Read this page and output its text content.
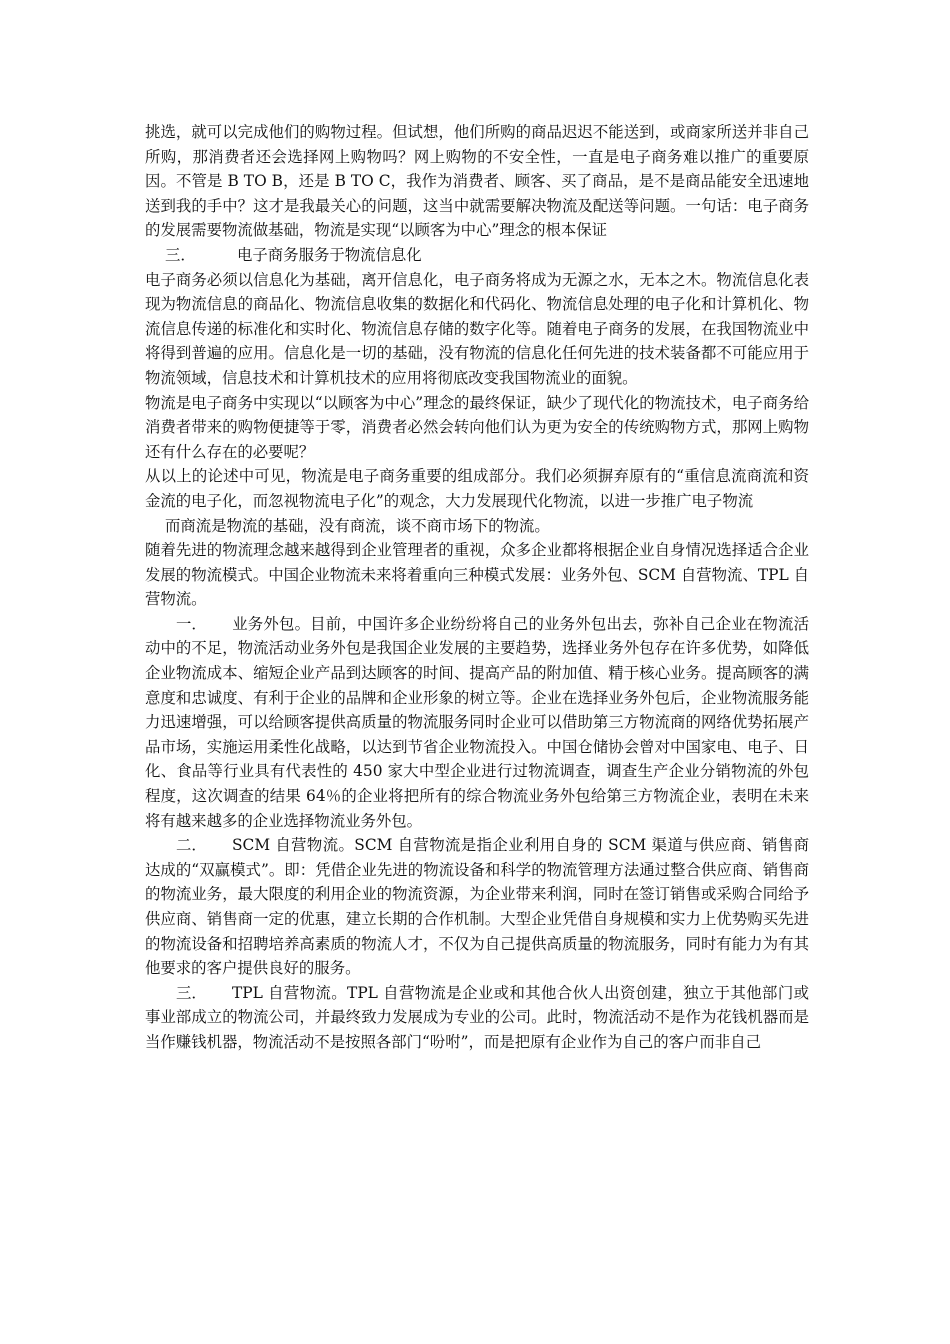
挑选，就可以完成他们的购物过程。但试想，他们所购的商品迟迟不能送到，或商家所送并非自己所购，那消费者还会选择网上购物吗？网上购物的不安全性，一直是电子商务难以推广的重要原因。不管是 B TO B，还是 B TO C，我作为消费者、顾客、买了商品，是不是商品能安全迅速地送到我的手中？这才是我最关心的问题，这当中就需要解决物流及配送等问题。一句话：电子商务的发展需要物流做基础，物流是实现“以顾客为中心”理念的根本保证

三．	电子商务服务于物流信息化

电子商务必须以信息化为基础，离开信息化，电子商务将成为无源之水，无本之木。物流信息化表现为物流信息的商品化、物流信息收集的数据化和代码化、物流信息处理的电子化和计算机化、物流信息传递的标准化和实时化、物流信息存储的数字化等。随着电子商务的发展，在我国物流业中将得到普遍的应用。信息化是一切的基础，没有物流的信息化任何先进的技术装备都不可能应用于物流领域，信息技术和计算机技术的应用将彻底改变我国物流业的面貌。

物流是电子商务中实现以“以顾客为中心”理念的最终保证，缺少了现代化的物流技术，电子商务给消费者带来的购物便捷等于零，消费者必然会转向他们认为更为安全的传统购物方式，那网上购物还有什么存在的必要呢？

从以上的论述中可见，物流是电子商务重要的组成部分。我们必须摒弃原有的“重信息流商流和资金流的电子化，而忽视物流电子化”的观念，大力发展现代化物流，以进一步推广电子物流

而商流是物流的基础，没有商流，谈不商市场下的物流。

随着先进的物流理念越来越得到企业管理者的重视，众多企业都将根据企业自身情况选择适合企业发展的物流模式。中国企业物流未来将着重向三种模式发展：业务外包、SCM 自营物流、TPL 自营物流。

一． 业务外包。目前，中国许多企业纷纷将自己的业务外包出去，弥补自己企业在物流活动中的不足，物流活动业务外包是我国企业发展的主要趋势，选择业务外包存在许多优势，如降低企业物流成本、缩短企业产品到达顾客的时间、提高产品的附加值、精于核心业务。提高顾客的满意度和忠诚度、有利于企业的品牌和企业形象的树立等。企业在选择业务外包后，企业物流服务能力迅速增强，可以给顾客提供高质量的物流服务同时企业可以借助第三方物流商的网络优势拓展产品市场，实施运用柔性化战略，以达到节省企业物流投入。中国仓储协会曾对中国家电、电子、日化、食品等行业具有代表性的 450 家大中型企业进行过物流调查，调查生产企业分销物流的外包程度，这次调查的结果 64％的企业将把所有的综合物流业务外包给第三方物流企业，表明在未来将有越来越多的企业选择物流业务外包。

二． SCM 自营物流。SCM 自营物流是指企业利用自身的 SCM 渠道与供应商、销售商达成的“双赢模式”。即：凭借企业先进的物流设备和科学的物流管理方法通过整合供应商、销售商的物流业务，最大限度的利用企业的物流资源，为企业带来利润，同时在签订销售或采购合同给予供应商、销售商一定的优惠，建立长期的合作机制。大型企业凭借自身规模和实力上优势购买先进的物流设备和招聘培养高素质的物流人才，不仅为自己提供高质量的物流服务，同时有能力为有其他要求的客户提供良好的服务。

三． TPL 自营物流。TPL 自营物流是企业或和其他合伙人出资创建，独立于其他部门或事业部成立的物流公司，并最终致力发展成为专业的公司。此时，物流活动不是作为花钱机器而是当作赚钱机器，物流活动不是按照各部门“吩咐”，而是把原有企业作为自己的客户而非自己
